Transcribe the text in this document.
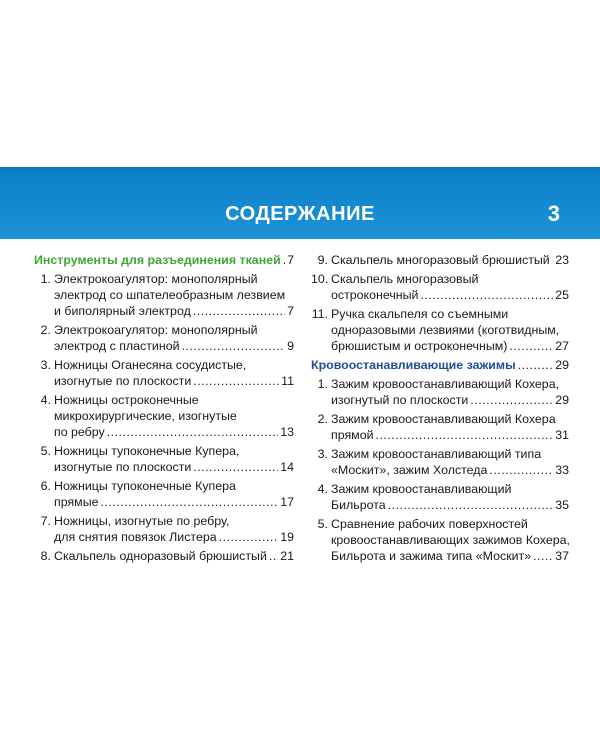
СОДЕРЖАНИЕ	3
Инструменты для разъединения тканей ..... 7
1. Электрокоагулятор: монополярный
электрод со шпателеобразным лезвием
и биполярный электрод .....	7
2. Электрокоагулятор: монополярный
электрод с пластиной .....	9
3. Ножницы Оганесяна сосудистые,
изогнутые по плоскости .....	11
4. Ножницы остроконечные
микрохирургические, изогнутые
по ребру .....	13
5. Ножницы тупоконечные Купера,
изогнутые по плоскости .....	14
6. Ножницы тупоконечные Купера
прямые .....	17
7. Ножницы, изогнутые по ребру,
для снятия повязок Листера .....	19
8. Скальпель одноразовый брюшистый ..... 21
9. Скальпель многоразовый брюшистый ..... 23
10. Скальпель многоразовый
остроконечный .....	25
11. Ручка скальпеля со съемными
одноразовыми лезвиями (коготвидным,
брюшистым и остроконечным) .....	27
Кровоостанавливающие зажимы .....	29
1. Зажим кровоостанавливающий Кохера,
изогнутый по плоскости .....	29
2. Зажим кровоостанавливающий Кохера
прямой .....	31
3. Зажим кровоостанавливающий типа
«Москит», зажим Холстеда .....	33
4. Зажим кровоостанавливающий
Бильрота .....	35
5. Сравнение рабочих поверхностей
кровоостанавливающих зажимов Кохера,
Бильрота и зажима типа «Москит» ..... 37
